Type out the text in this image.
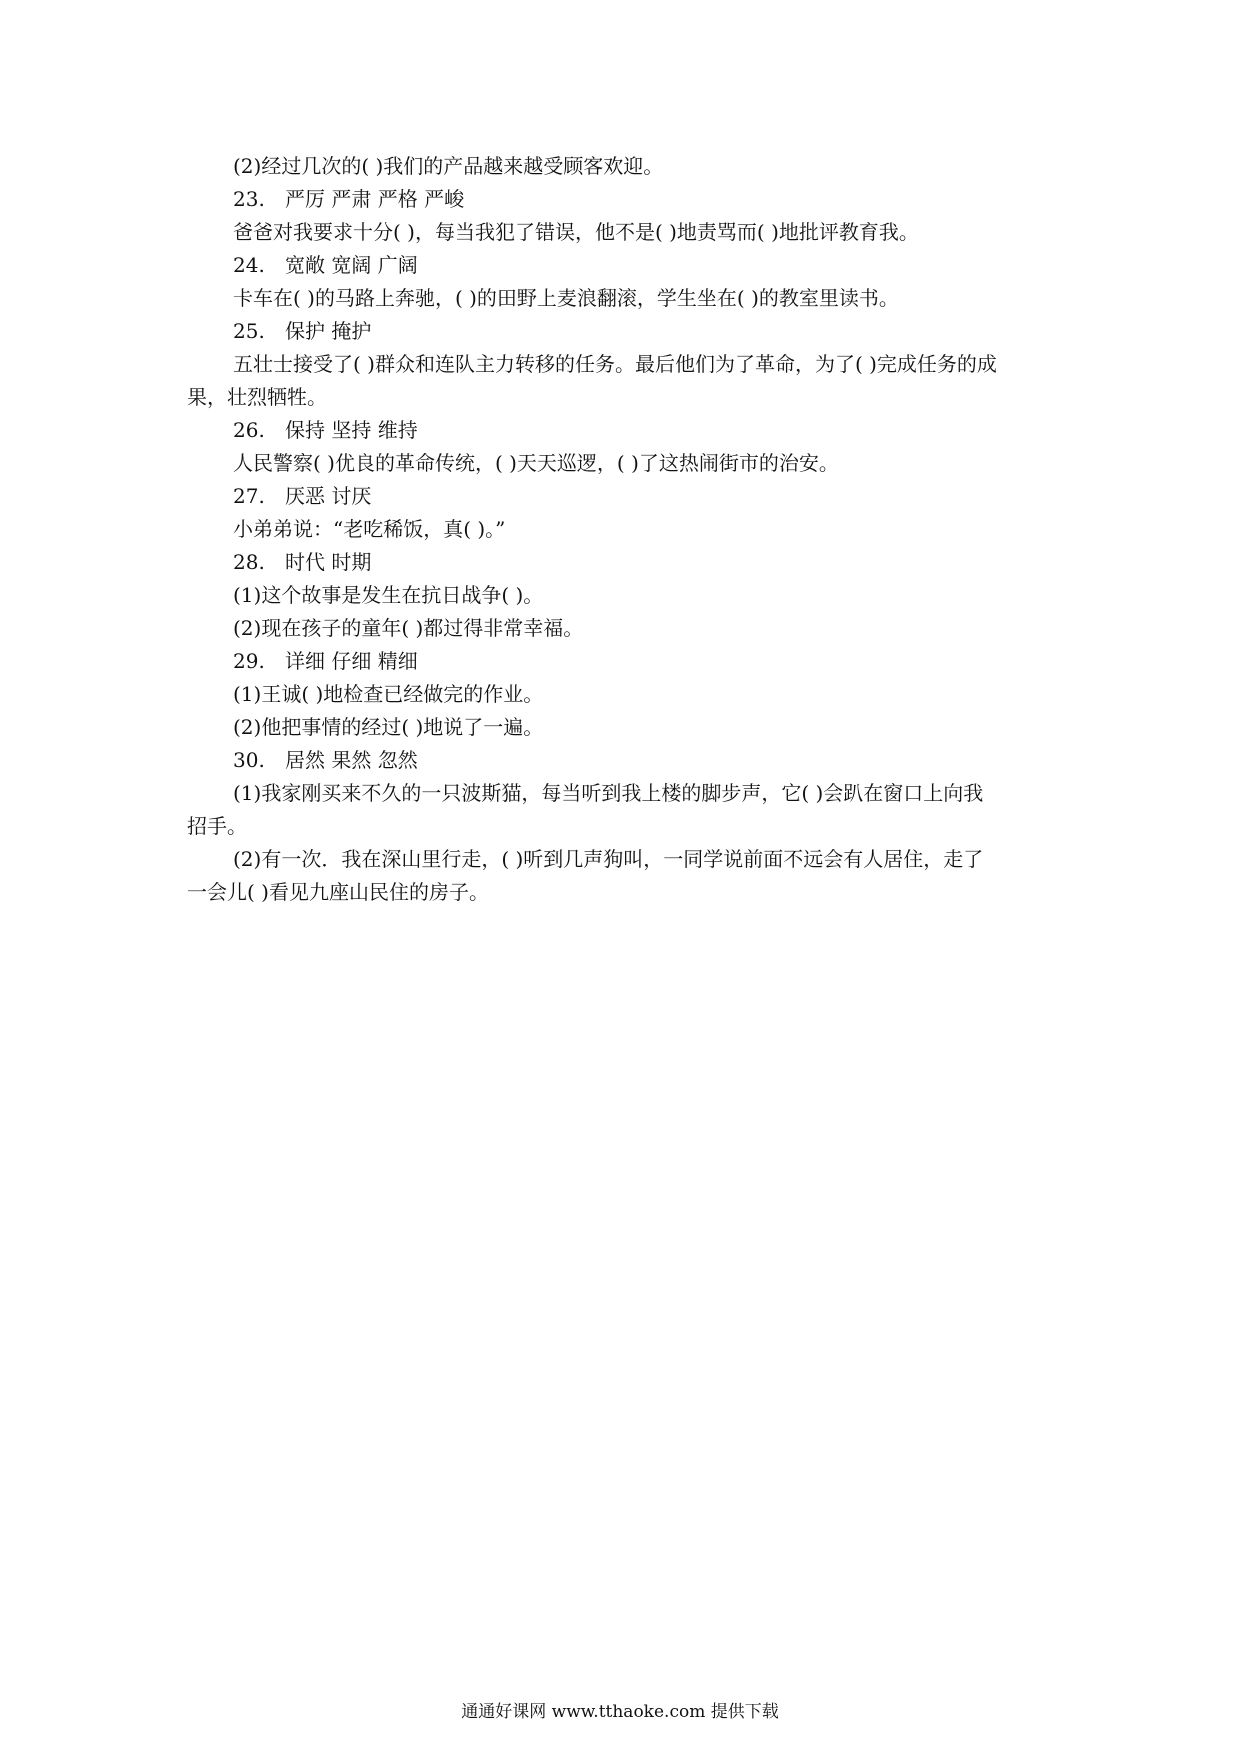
(2)经过几次的( )我们的产品越来越受顾客欢迎。
23. 严厉 严肃 严格 严峻
爸爸对我要求十分( )，每当我犯了错误，他不是( )地责骂而( )地批评教育我。
24. 宽敞 宽阔 广阔
卡车在( )的马路上奔驰，( )的田野上麦浪翻滚，学生坐在( )的教室里读书。
25. 保护 掩护
五壮士接受了( )群众和连队主力转移的任务。最后他们为了革命，为了( )完成任务的成
果，壮烈牺牲。
26. 保持 坚持 维持
人民警察( )优良的革命传统，( )天天巡逻，( )了这热闹街市的治安。
27. 厌恶 讨厌
小弟弟说：“老吃稀饭，真( )。”
28. 时代 时期
(1)这个故事是发生在抗日战争( )。
(2)现在孩子的童年( )都过得非常幸福。
29. 详细 仔细 精细
(1)王诚( )地检查已经做完的作业。
(2)他把事情的经过( )地说了一遍。
30. 居然 果然 忽然
(1)我家刚买来不久的一只波斯猫，每当听到我上楼的脚步声，它( )会趴在窗口上向我
招手。
(2)有一次．我在深山里行走，( )听到几声狗叫，一同学说前面不远会有人居住，走了
一会儿( )看见九座山民住的房子。
通通好课网 www.tthaoke.com 提供下载
